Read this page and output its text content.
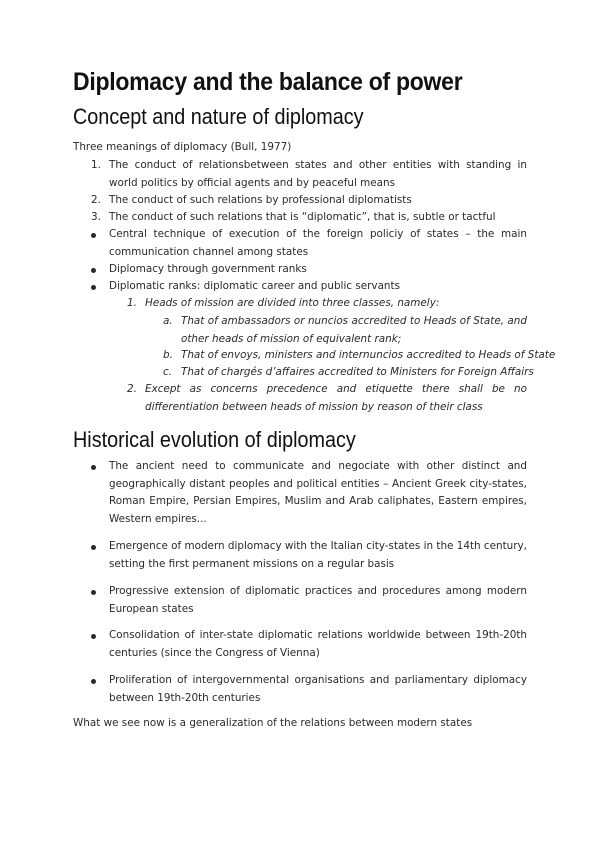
Diplomacy and the balance of power
Concept and nature of diplomacy
Three meanings of diplomacy (Bull, 1977)
1. The conduct of relationsbetween states and other entities with standing in world politics by official agents and by peaceful means
2. The conduct of such relations by professional diplomatists
3. The conduct of such relations that is “diplomatic”, that is, subtle or tactful
Central technique of execution of the foreign policiy of states – the main communication channel among states
Diplomacy through government ranks
Diplomatic ranks: diplomatic career and public servants
1. Heads of mission are divided into three classes, namely:
a. That of ambassadors or nuncios accredited to Heads of State, and other heads of mission of equivalent rank;
b. That of envoys, ministers and internuncios accredited to Heads of State
c. That of chargés d’affaires accredited to Ministers for Foreign Affairs
2. Except as concerns precedence and etiquette there shall be no differentiation between heads of mission by reason of their class
Historical evolution of diplomacy
The ancient need to communicate and negociate with other distinct and geographically distant peoples and political entities – Ancient Greek city-states, Roman Empire, Persian Empires, Muslim and Arab caliphates, Eastern empires, Western empires...
Emergence of modern diplomacy with the Italian city-states in the 14th century, setting the first permanent missions on a regular basis
Progressive extension of diplomatic practices and procedures among modern European states
Consolidation of inter-state diplomatic relations worldwide between 19th-20th centuries (since the Congress of Vienna)
Proliferation of intergovernmental organisations and parliamentary diplomacy between 19th-20th centuries
What we see now is a generalization of the relations between modern states
